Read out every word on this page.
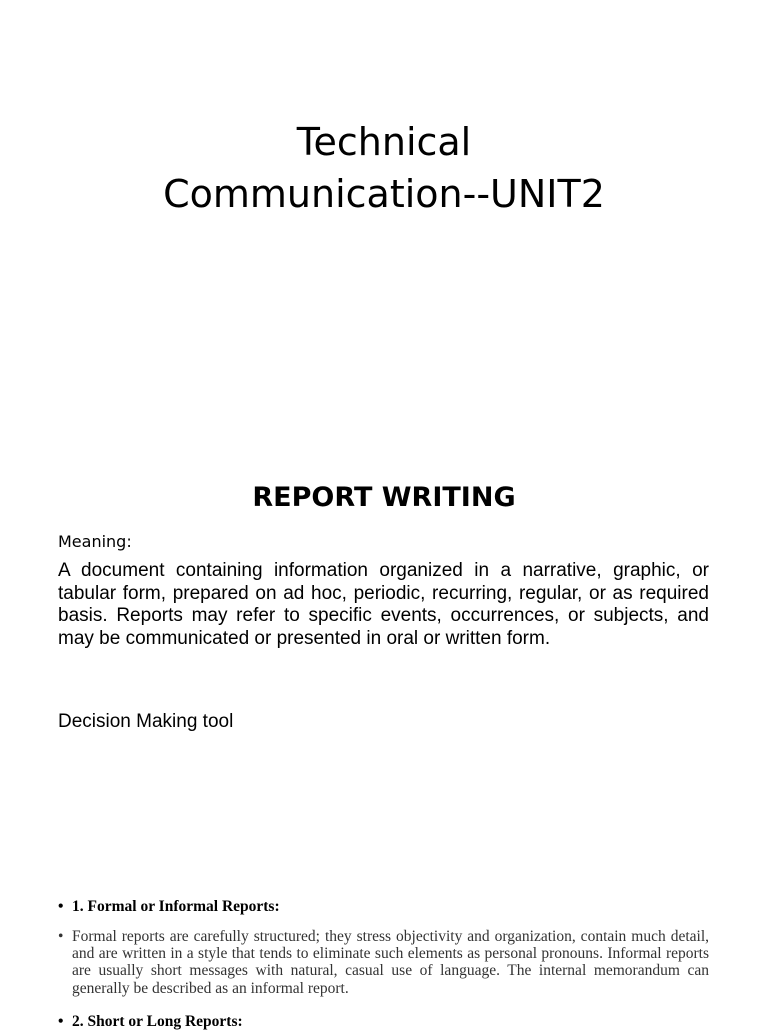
Technical
Communication--UNIT2
REPORT WRITING
Meaning:

A document containing information organized in a narrative, graphic, or tabular form, prepared on ad hoc, periodic, recurring, regular, or as required basis. Reports may refer to specific events, occurrences, or subjects, and may be communicated or presented in oral or written form.

Decision Making tool
• 1. Formal or Informal Reports:
• Formal reports are carefully structured; they stress objectivity and organization, contain much detail, and are written in a style that tends to eliminate such elements as personal pronouns. Informal reports are usually short messages with natural, casual use of language. The internal memorandum can generally be described as an informal report.
• 2. Short or Long Reports:
